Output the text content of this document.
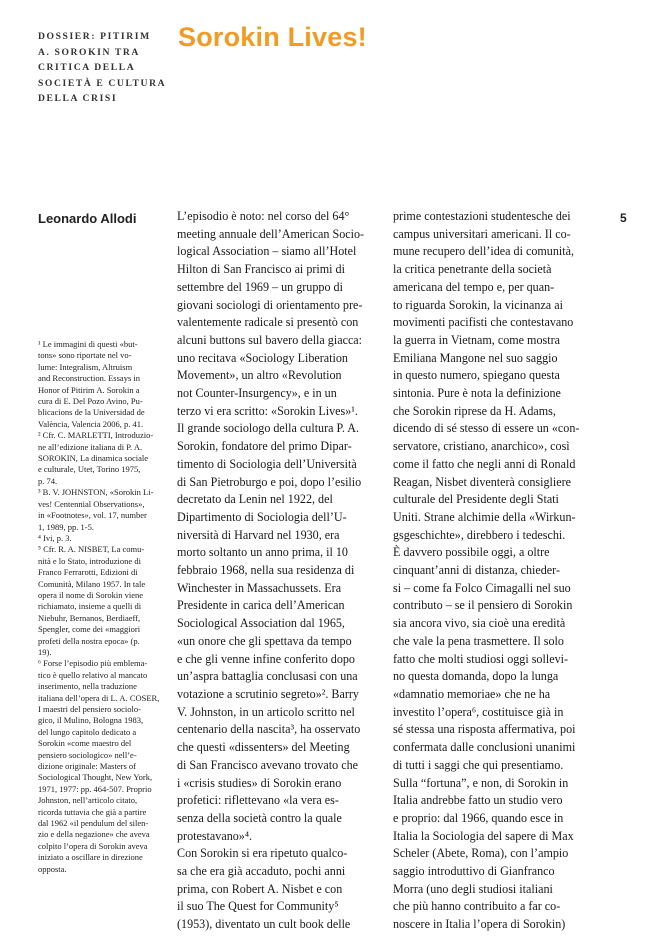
DOSSIER: PITIRIM
A. SOROKIN TRA
CRITICA DELLA
SOCIETÀ E CULTURA
DELLA CRISI
Sorokin Lives!
Leonardo Allodi	5

¹ Le immagini di questi «but-
tons» sono riportate nel vo-
lume: Integralism, Altruism
and Reconstruction. Essays in
Honor of Pitirim A. Sorokin a
cura di E. Del Pozo Avino, Pu-
blicacions de la Universidad de
València, Valencia 2006, p. 41.

² Cfr. C. MARLETTI, Introduzio-
ne all’edizione italiana di P. A.
SOROKIN, La dinamica sociale
e culturale, Utet, Torino 1975,
p. 74.

³ B. V. JOHNSTON, «Sorokin Li-
ves! Centennial Observations»,
in «Footnotes», vol. 17, number
1, 1989, pp. 1-5.

⁴ Ivi, p. 3.

⁵ Cfr. R. A. NISBET, La comu-
nità e lo Stato, introduzione di
Franco Ferrarotti, Edizioni di
Comunità, Milano 1957. In tale
opera il nome di Sorokin viene
richiamato, insieme a quelli di
Niebuhr, Bernanos, Berdiaeff,
Spengler, come dei «maggiori
profeti della nostra epoca» (p.
19).

⁶ Forse l’episodio più emblema-
tico è quello relativo al mancato
inserimento, nella traduzione
italiana dell’opera di L. A. COSER,
I maestri del pensiero sociolo-
gico, il Mulino, Bologna 1983,
del lungo capitolo dedicato a
Sorokin «come maestro del
pensiero sociologico» nell’e-
dizione originale: Masters of
Sociological Thought, New York,
1971, 1977: pp. 464-507. Proprio
Johnston, nell’articolo citato,
ricorda tuttavia che già a partire
dal 1962 «il pendulum del silen-
zio e della negazione» che aveva
colpito l’opera di Sorokin aveva
iniziato a oscillare in direzione
opposta.

L’episodio è noto: nel corso del 64°
meeting annuale dell’American Socio-
logical Association – siamo all’Hotel
Hilton di San Francisco ai primi di
settembre del 1969 – un gruppo di
giovani sociologi di orientamento pre-
valentemente radicale si presentò con
alcuni buttons sul bavero della giacca:
uno recitava «Sociology Liberation
Movement», un altro «Revolution
not Counter-Insurgency», e in un
terzo vi era scritto: «Sorokin Lives»¹.
Il grande sociologo della cultura P. A.
Sorokin, fondatore del primo Dipar-
timento di Sociologia dell’Università
di San Pietroburgo e poi, dopo l’esilio
decretato da Lenin nel 1922, del
Dipartimento di Sociologia dell’U-
niversità di Harvard nel 1930, era
morto soltanto un anno prima, il 10
febbraio 1968, nella sua residenza di
Winchester in Massachussets. Era
Presidente in carica dell’American
Sociological Association dal 1965,
«un onore che gli spettava da tempo
e che gli venne infine conferito dopo
un’aspra battaglia conclusasi con una
votazione a scrutinio segreto»². Barry
V. Johnston, in un articolo scritto nel
centenario della nascita³, ha osservato
che questi «dissenters» del Meeting
di San Francisco avevano trovato che
i «crisis studies» di Sorokin erano
profetici: riflettevano «la vera es-
senza della società contro la quale
protestavano»⁴.

Con Sorokin si era ripetuto qualco-
sa che era già accaduto, pochi anni
prima, con Robert A. Nisbet e con
il suo The Quest for Community⁵
(1953), diventato un cult book delle

prime contestazioni studentesche dei
campus universitari americani. Il co-
mune recupero dell’idea di comunità,
la critica penetrante della società
americana del tempo e, per quan-
to riguarda Sorokin, la vicinanza ai
movimenti pacifisti che contestavano
la guerra in Vietnam, come mostra
Emiliana Mangone nel suo saggio
in questo numero, spiegano questa
sintonia. Pure è nota la definizione
che Sorokin riprese da H. Adams,
dicendo di sé stesso di essere un «con-
servatore, cristiano, anarchico», così
come il fatto che negli anni di Ronald
Reagan, Nisbet diventerà consigliere
culturale del Presidente degli Stati
Uniti. Strane alchimie della «Wirkun-
gsgeschichte», direbbero i tedeschi.

È davvero possibile oggi, a oltre
cinquant’anni di distanza, chieder-
si – come fa Folco Cimagalli nel suo
contributo – se il pensiero di Sorokin
sia ancora vivo, sia cioè una eredità
che vale la pena trasmettere. Il solo
fatto che molti studiosi oggi sollevi-
no questa domanda, dopo la lunga
«damnatio memoriae» che ne ha
investito l’opera⁶, costituisce già in
sé stessa una risposta affermativa, poi
confermata dalle conclusioni unanimi
di tutti i saggi che qui presentiamo.

Sulla “fortuna”, e non, di Sorokin in
Italia andrebbe fatto un studio vero
e proprio: dal 1966, quando esce in
Italia la Sociologia del sapere di Max
Scheler (Abete, Roma), con l’ampio
saggio introduttivo di Gianfranco
Morra (uno degli studiosi italiani
che più hanno contribuito a far co-
noscere in Italia l’opera di Sorokin)
